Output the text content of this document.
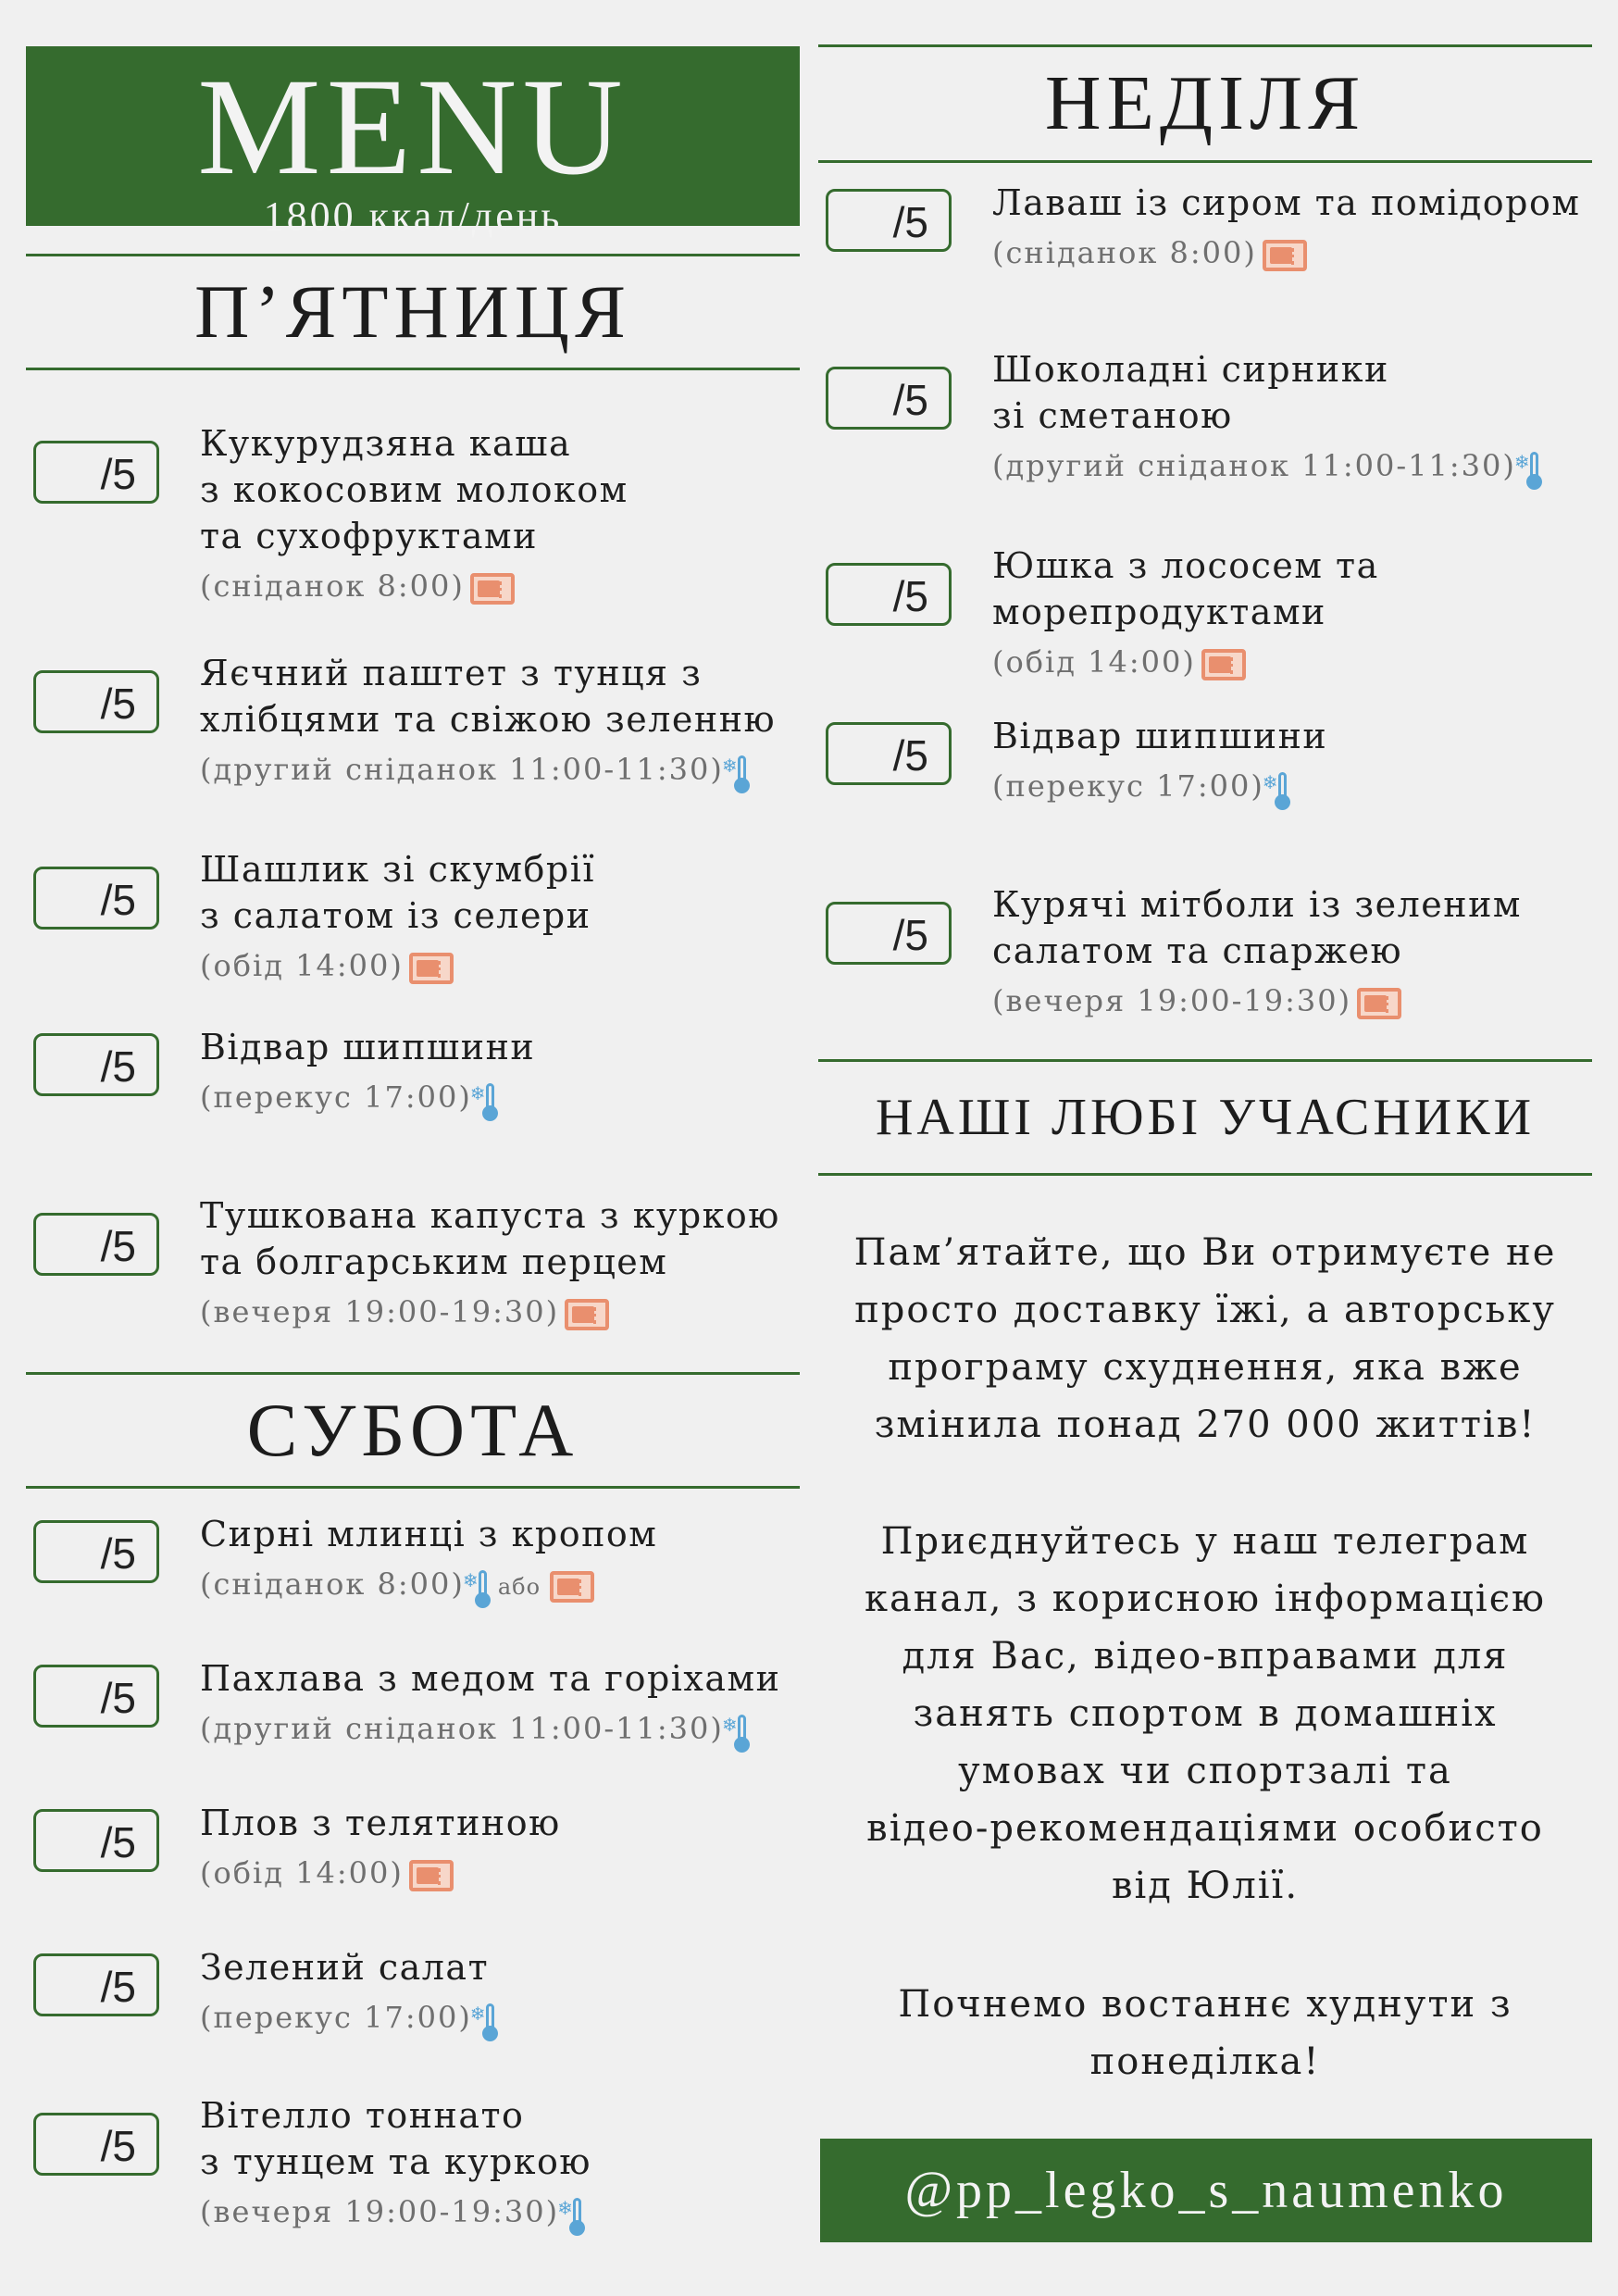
MENU
1800 ккал/день
П’ЯТНИЦЯ
/5
Кукурудзяна каша
з кокосовим молоком
та сухофруктами
(сніданок 8:00)
/5
Яєчний паштет з тунця з
хлібцями та свіжою зеленню
(другий сніданок 11:00-11:30)
❄
/5
Шашлик зі скумбрії
з салатом із селери
(обід 14:00)
/5 Відвар шипшини
(перекус 17:00)
❄
/5
Тушкована капуста з куркою
та болгарським перцем
(вечеря 19:00-19:30)
СУБОТА
/5 Сирні млинці з кропом
(сніданок 8:00)
❄ або
/5 Пахлава з медом та горіхами
(другий сніданок 11:00-11:30)
❄
/5 Плов з телятиною
(обід 14:00)
/5 Зелений салат
(перекус 17:00)
❄
/5
Вітелло тоннато
з тунцем та куркою
(вечеря 19:00-19:30)
❄
НЕДІЛЯ
/5 Лаваш із сиром та помідором
(сніданок 8:00)
/5
Шоколадні сирники
зі сметаною
(другий сніданок 11:00-11:30)
❄
/5
Юшка з лососем та
морепродуктами
(обід 14:00)
/5 Відвар шипшини
(перекус 17:00)
❄
/5
Курячі мітболи із зеленим
салатом та спаржею
(вечеря 19:00-19:30)
НАШІ ЛЮБІ УЧАСНИКИ
Пам’ятайте, що Ви отримуєте не
просто доставку їжі, а авторську
програму схуднення, яка вже
змінила понад 270 000 життів!
Приєднуйтесь у наш телеграм
канал, з корисною інформацією
для Вас, відео-вправами для
занять спортом в домашніх
умовах чи спортзалі та
відео-рекомендаціями особисто
від Юлії.
Почнемо востаннє худнути з
понеділка!
@pp_legko_s_naumenko
